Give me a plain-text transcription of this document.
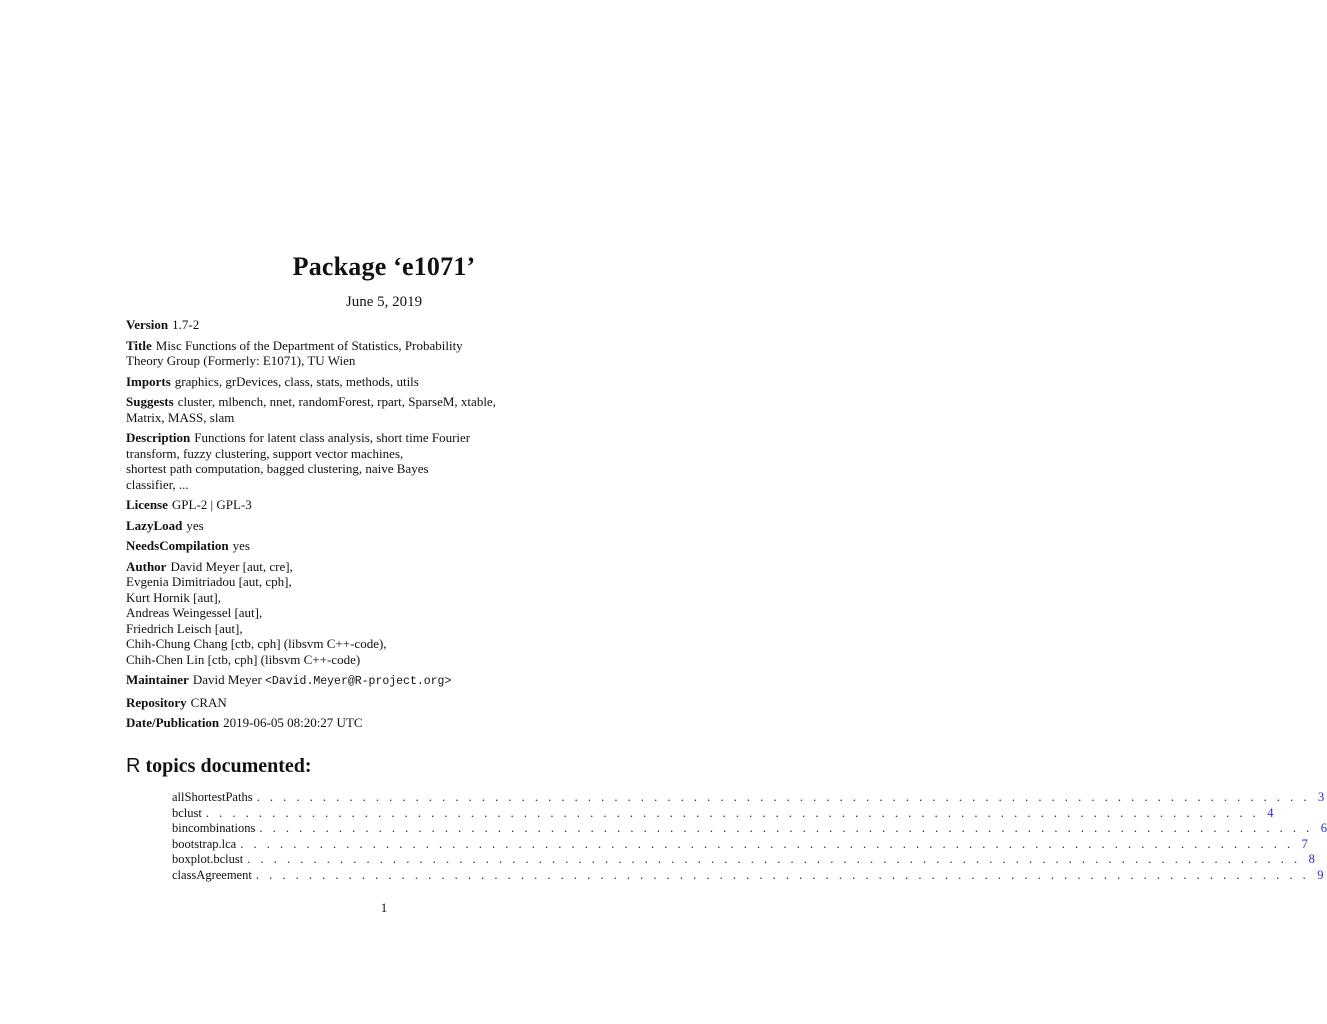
Package ‘e1071’
June 5, 2019
Version 1.7-2
Title Misc Functions of the Department of Statistics, Probability
Theory Group (Formerly: E1071), TU Wien
Imports graphics, grDevices, class, stats, methods, utils
Suggests cluster, mlbench, nnet, randomForest, rpart, SparseM, xtable,
Matrix, MASS, slam
Description Functions for latent class analysis, short time Fourier
transform, fuzzy clustering, support vector machines,
shortest path computation, bagged clustering, naive Bayes
classifier, ...
License GPL-2 | GPL-3
LazyLoad yes
NeedsCompilation yes
Author David Meyer [aut, cre],
Evgenia Dimitriadou [aut, cph],
Kurt Hornik [aut],
Andreas Weingessel [aut],
Friedrich Leisch [aut],
Chih-Chung Chang [ctb, cph] (libsvm C++-code),
Chih-Chen Lin [ctb, cph] (libsvm C++-code)
Maintainer David Meyer <David.Meyer@R-project.org>
Repository CRAN
Date/Publication 2019-06-05 08:20:27 UTC
R topics documented:
allShortestPaths . . . . . . . . . . . . . . . . . . . . . . . . . . . . . . . . . . . . . . . . . . . . . . . . . . . . . . . . . . . . . . . . . . . . . . . . . . . . . . . . 3
bclust . . . . . . . . . . . . . . . . . . . . . . . . . . . . . . . . . . . . . . . . . . . . . . . . . . . . . . . . . . . . . . . . . . . . . . . . . . . . . . . . 4
bincombinations . . . . . . . . . . . . . . . . . . . . . . . . . . . . . . . . . . . . . . . . . . . . . . . . . . . . . . . . . . . . . . . . . . . . . . . . . . . . . . . . 6
bootstrap.lca . . . . . . . . . . . . . . . . . . . . . . . . . . . . . . . . . . . . . . . . . . . . . . . . . . . . . . . . . . . . . . . . . . . . . . . . . . . . . . . . 7
boxplot.bclust . . . . . . . . . . . . . . . . . . . . . . . . . . . . . . . . . . . . . . . . . . . . . . . . . . . . . . . . . . . . . . . . . . . . . . . . . . . . . . . . 8
classAgreement . . . . . . . . . . . . . . . . . . . . . . . . . . . . . . . . . . . . . . . . . . . . . . . . . . . . . . . . . . . . . . . . . . . . . . . . . . . . . . . . 9
1
